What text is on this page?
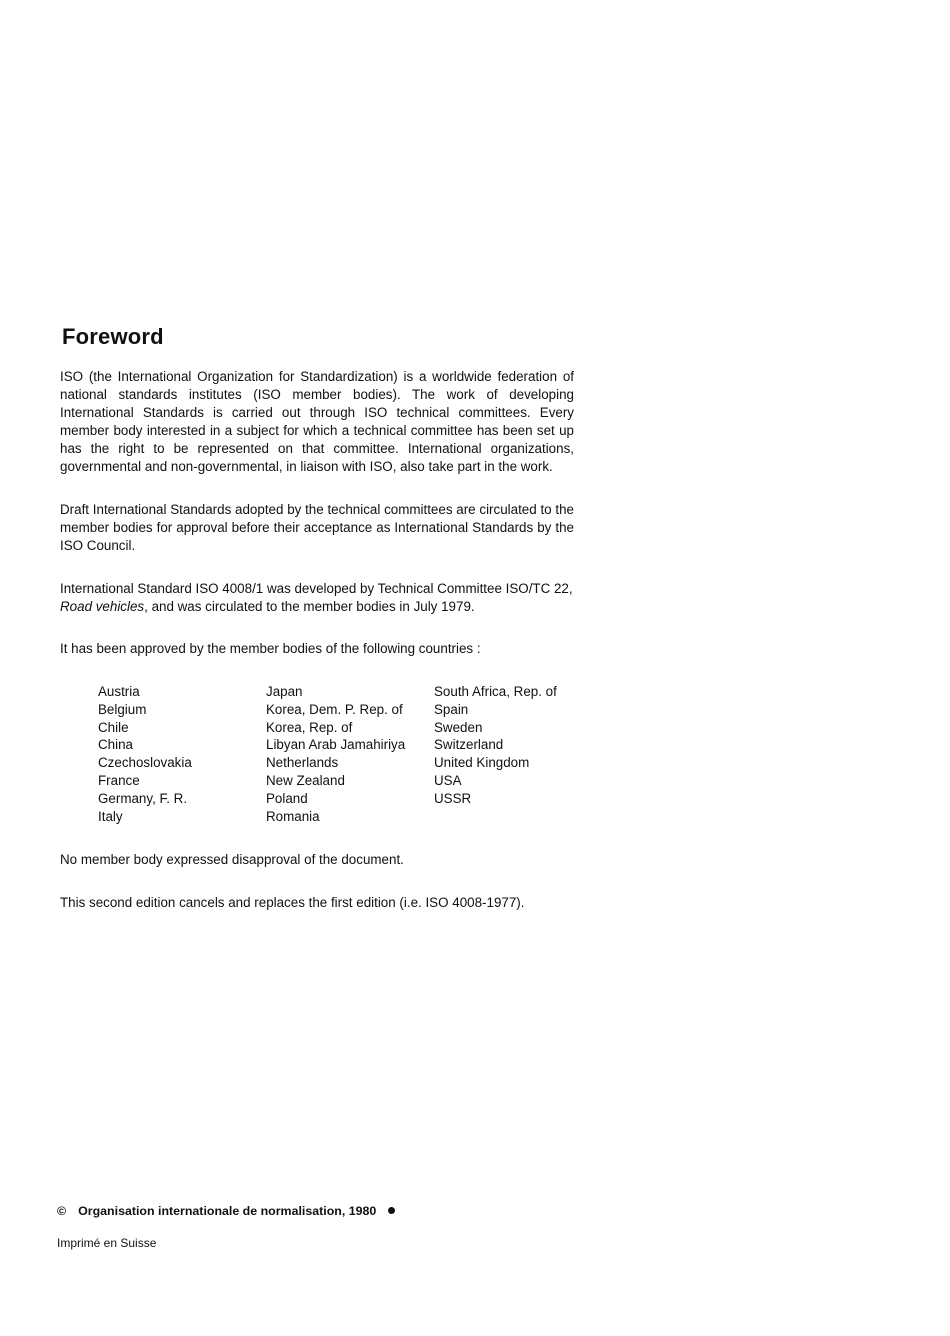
Foreword

ISO (the International Organization for Standardization) is a worldwide federation of national standards institutes (ISO member bodies). The work of developing International Standards is carried out through ISO technical committees. Every member body interested in a subject for which a technical committee has been set up has the right to be represented on that committee. International organizations, governmental and non-governmental, in liaison with ISO, also take part in the work.

Draft International Standards adopted by the technical committees are circulated to the member bodies for approval before their acceptance as International Standards by the ISO Council.

International Standard ISO 4008/1 was developed by Technical Committee ISO/TC 22,
Road vehicles, and was circulated to the member bodies in July 1979.

It has been approved by the member bodies of the following countries :

Austria
Belgium
Chile
China
Czechoslovakia
France
Germany, F. R.
Italy
Japan
Korea, Dem. P. Rep. of
Korea, Rep. of
Libyan Arab Jamahiriya
Netherlands
New Zealand
Poland
Romania
South Africa, Rep. of
Spain
Sweden
Switzerland
United Kingdom
USA
USSR

No member body expressed disapproval of the document.

This second edition cancels and replaces the first edition (i.e. ISO 4008-1977).

© Organisation internationale de normalisation, 1980
Imprimé en Suisse
